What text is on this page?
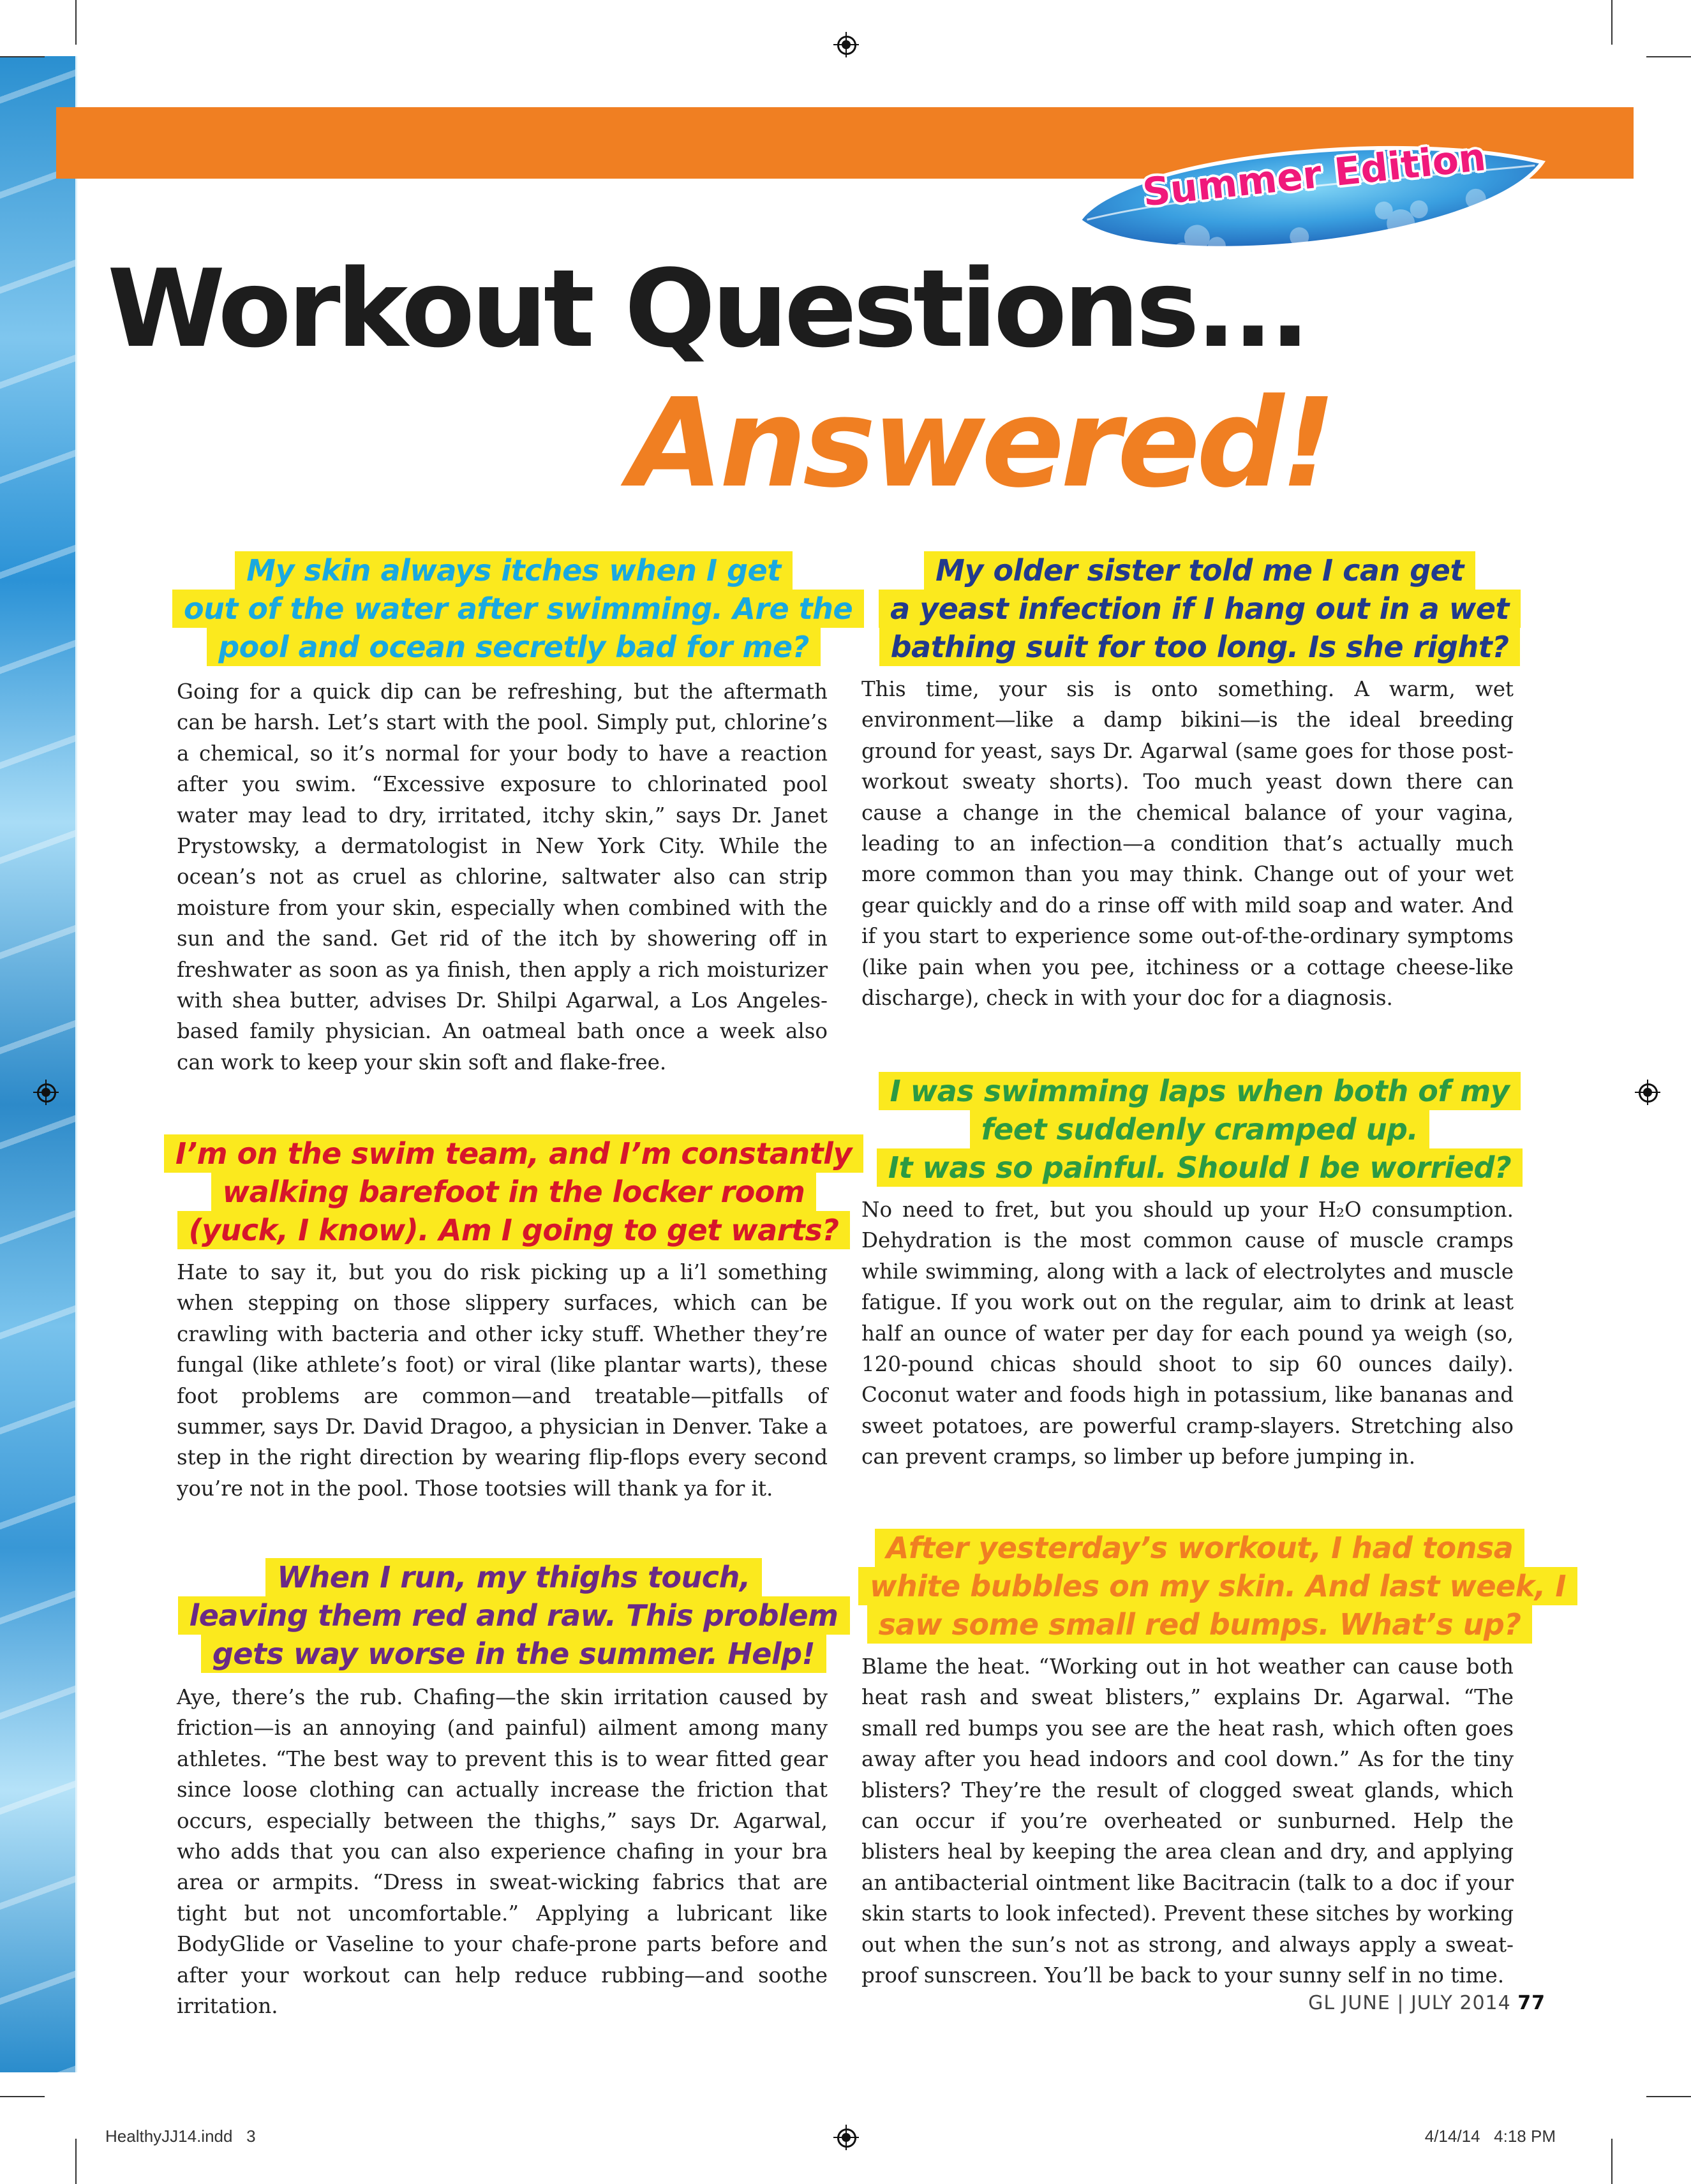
Summer Edition
Workout Questions...
Answered!
My skin always itches when I get
out of the water after swimming. Are the
pool and ocean secretly bad for me?

Going for a quick dip can be refreshing, but the aftermath can be harsh. Let’s start with the pool. Simply put, chlorine’s a chemical, so it’s normal for your body to have a reaction after you swim. “Excessive exposure to chlorinated pool water may lead to dry, irritated, itchy skin,” says Dr. Janet Prystowsky, a dermatologist in New York City. While the ocean’s not as cruel as chlorine, saltwater also can strip moisture from your skin, especially when combined with the sun and the sand. Get rid of the itch by showering off in freshwater as soon as ya finish, then apply a rich moisturizer with shea butter, advises Dr. Shilpi Agarwal, a Los Angeles-based family physician. An oatmeal bath once a week also can work to keep your skin soft and flake-free.

I’m on the swim team, and I’m constantly
walking barefoot in the locker room
(yuck, I know). Am I going to get warts?

Hate to say it, but you do risk picking up a li’l something when stepping on those slippery surfaces, which can be crawling with bacteria and other icky stuff. Whether they’re fungal (like athlete’s foot) or viral (like plantar warts), these foot problems are common—and treatable—pitfalls of summer, says Dr. David Dragoo, a physician in Denver. Take a step in the right direction by wearing flip-flops every second you’re not in the pool. Those tootsies will thank ya for it.

When I run, my thighs touch,
leaving them red and raw. This problem
gets way worse in the summer. Help!

Aye, there’s the rub. Chafing—the skin irritation caused by friction—is an annoying (and painful) ailment among many athletes. “The best way to prevent this is to wear fitted gear since loose clothing can actually increase the friction that occurs, especially between the thighs,” says Dr. Agarwal, who adds that you can also experience chafing in your bra area or armpits. “Dress in sweat-wicking fabrics that are tight but not uncomfortable.” Applying a lubricant like BodyGlide or Vaseline to your chafe-prone parts before and after your workout can help reduce rubbing—and soothe irritation.

My older sister told me I can get
a yeast infection if I hang out in a wet
bathing suit for too long. Is she right?

This time, your sis is onto something. A warm, wet environment—like a damp bikini—is the ideal breeding ground for yeast, says Dr. Agarwal (same goes for those post-workout sweaty shorts). Too much yeast down there can cause a change in the chemical balance of your vagina, leading to an infection—a condition that’s actually much more common than you may think. Change out of your wet gear quickly and do a rinse off with mild soap and water. And if you start to experience some out-of-the-ordinary symptoms (like pain when you pee, itchiness or a cottage cheese-like discharge), check in with your doc for a diagnosis.

I was swimming laps when both of my
feet suddenly cramped up.
It was so painful. Should I be worried?

No need to fret, but you should up your H₂O consumption. Dehydration is the most common cause of muscle cramps while swimming, along with a lack of electrolytes and muscle fatigue. If you work out on the regular, aim to drink at least half an ounce of water per day for each pound ya weigh (so, 120-pound chicas should shoot to sip 60 ounces daily). Coconut water and foods high in potassium, like bananas and sweet potatoes, are powerful cramp-slayers. Stretching also can prevent cramps, so limber up before jumping in.

After yesterday’s workout, I had tonsa
white bubbles on my skin. And last week, I
saw some small red bumps. What’s up?

Blame the heat. “Working out in hot weather can cause both heat rash and sweat blisters,” explains Dr. Agarwal. “The small red bumps you see are the heat rash, which often goes away after you head indoors and cool down.” As for the tiny blisters? They’re the result of clogged sweat glands, which can occur if you’re overheated or sunburned. Help the blisters heal by keeping the area clean and dry, and applying an antibacterial ointment like Bacitracin (talk to a doc if your skin starts to look infected). Prevent these sitches by working out when the sun’s not as strong, and always apply a sweat-proof sunscreen. You’ll be back to your sunny self in no time.

GL JUNE | JULY 2014 77
HealthyJJ14.indd   3	4/14/14   4:18 PM
